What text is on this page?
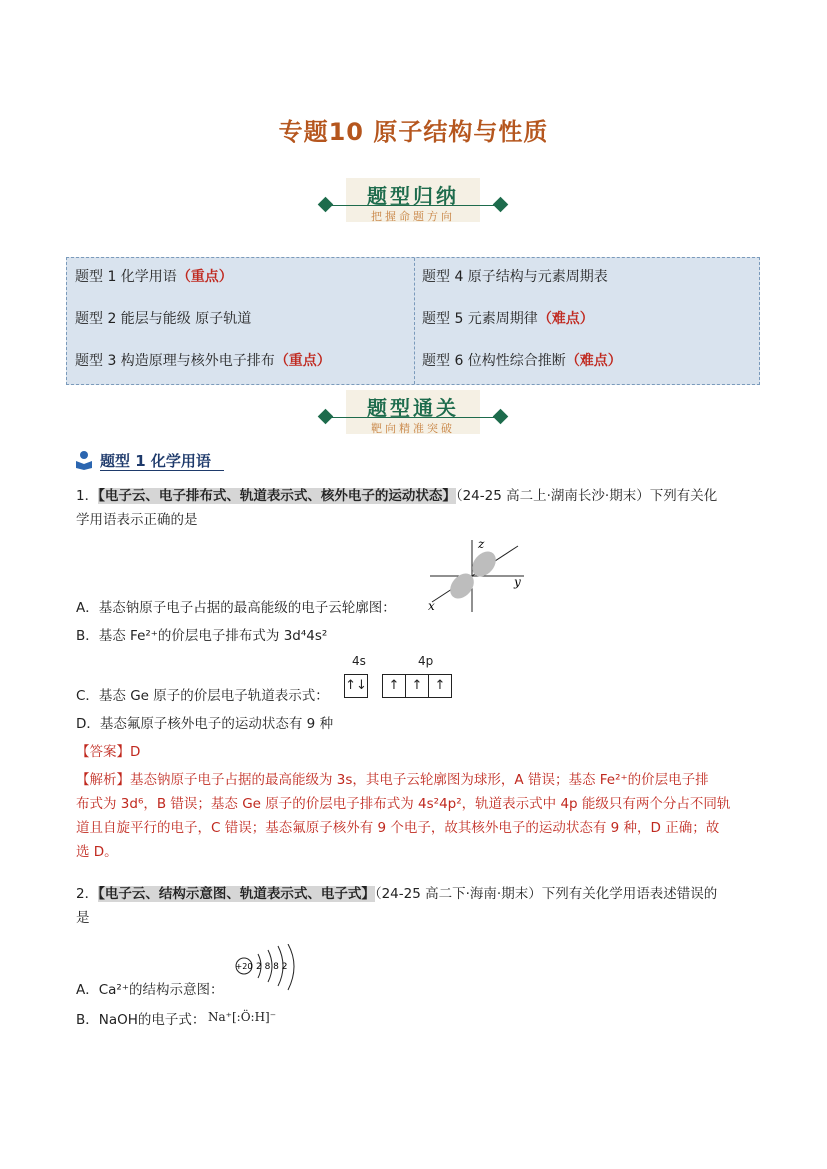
专题10 原子结构与性质
题型归纳
把握命题方向
题型 1 化学用语（重点）
题型 2 能层与能级 原子轨道
题型 3 构造原理与核外电子排布（重点）
题型 4 原子结构与元素周期表
题型 5 元素周期律（难点）
题型 6 位构性综合推断（难点）
题型通关
靶向精准突破
题型 1 化学用语
1．【电子云、电子排布式、轨道表示式、核外电子的运动状态】（24-25 高二上·湖南长沙·期末）下列有关化
学用语表示正确的是
z
y
x
A．基态钠原子电子占据的最高能级的电子云轮廓图：
B．基态 Fe²⁺的价层电子排布式为 3d⁴4s²
4s	4p
↑↓	↑ ↑ ↑
C．基态 Ge 原子的价层电子轨道表示式：
D．基态氟原子核外电子的运动状态有 9 种
【答案】D
【解析】基态钠原子电子占据的最高能级为 3s，其电子云轮廓图为球形，A 错误；基态 Fe²⁺的价层电子排
布式为 3d⁶，B 错误；基态 Ge 原子的价层电子排布式为 4s²4p²，轨道表示式中 4p 能级只有两个分占不同轨
道且自旋平行的电子，C 错误；基态氟原子核外有 9 个电子，故其核外电子的运动状态有 9 种，D 正确；故
选 D。
2．【电子云、结构示意图、轨道表示式、电子式】（24-25 高二下·海南·期末）下列有关化学用语表述错误的
是
+20 2 8 8 2
A．Ca²⁺的结构示意图：
B．NaOH的电子式： Na⁺[:Ö:H]⁻
